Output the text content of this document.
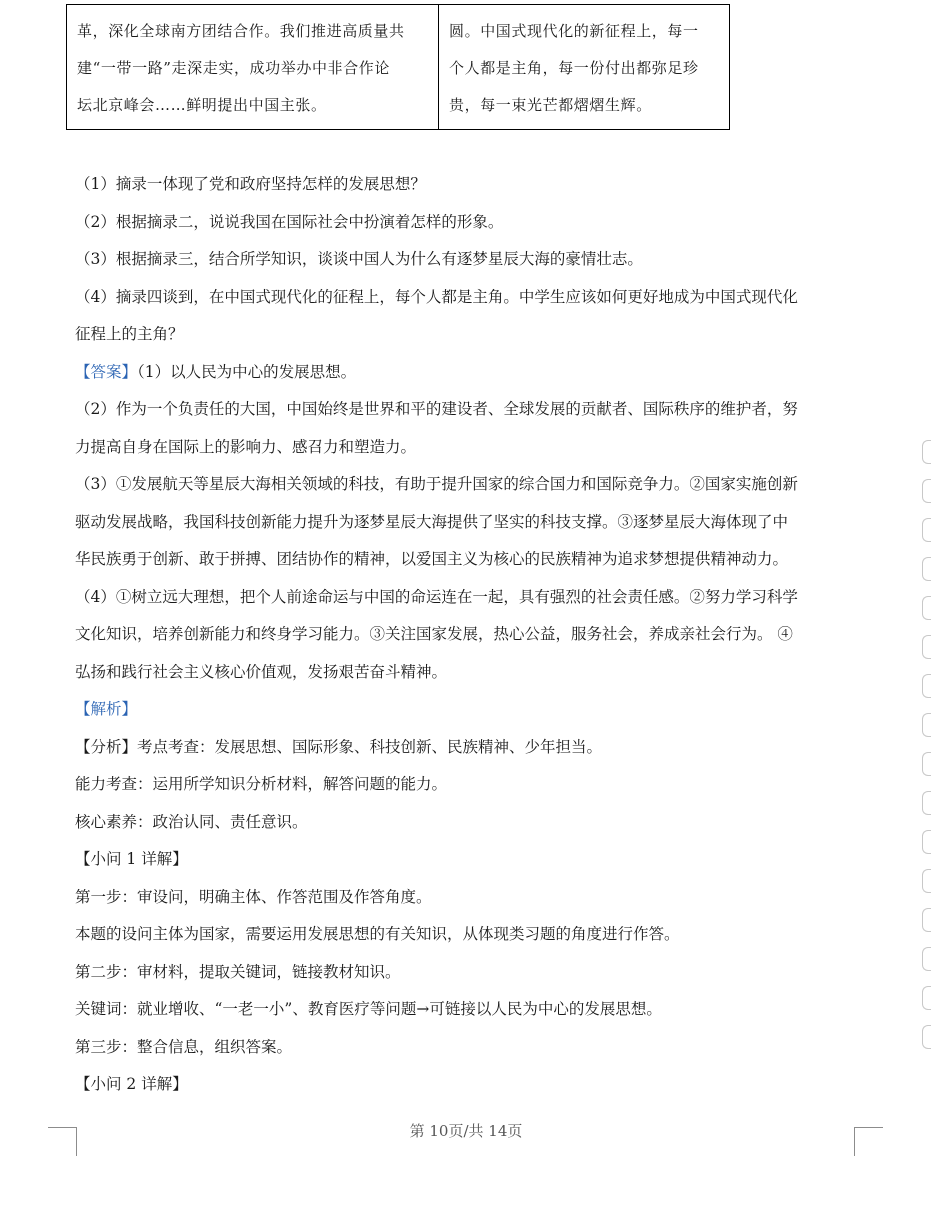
革，深化全球南方团结合作。我们推进高质量共
建“一带一路”走深走实，成功举办中非合作论
坛北京峰会……鲜明提出中国主张。
圆。中国式现代化的新征程上，每一
个人都是主角，每一份付出都弥足珍
贵，每一束光芒都熠熠生辉。

（1）摘录一体现了党和政府坚持怎样的发展思想？

（2）根据摘录二，说说我国在国际社会中扮演着怎样的形象。

（3）根据摘录三，结合所学知识，谈谈中国人为什么有逐梦星辰大海的豪情壮志。

（4）摘录四谈到，在中国式现代化的征程上，每个人都是主角。中学生应该如何更好地成为中国式现代化

征程上的主角？

【答案】（1）以人民为中心的发展思想。

（2）作为一个负责任的大国，中国始终是世界和平的建设者、全球发展的贡献者、国际秩序的维护者，努

力提高自身在国际上的影响力、感召力和塑造力。

（3）①发展航天等星辰大海相关领域的科技，有助于提升国家的综合国力和国际竞争力。②国家实施创新

驱动发展战略，我国科技创新能力提升为逐梦星辰大海提供了坚实的科技支撑。③逐梦星辰大海体现了中

华民族勇于创新、敢于拼搏、团结协作的精神，以爱国主义为核心的民族精神为追求梦想提供精神动力。

（4）①树立远大理想，把个人前途命运与中国的命运连在一起，具有强烈的社会责任感。②努力学习科学

文化知识，培养创新能力和终身学习能力。③关注国家发展，热心公益，服务社会，养成亲社会行为。 ④

弘扬和践行社会主义核心价值观，发扬艰苦奋斗精神。

【解析】

【分析】考点考查：发展思想、国际形象、科技创新、民族精神、少年担当。

能力考查：运用所学知识分析材料，解答问题的能力。

核心素养：政治认同、责任意识。

【小问 1 详解】

第一步：审设问，明确主体、作答范围及作答角度。

本题的设问主体为国家，需要运用发展思想的有关知识，从体现类习题的角度进行作答。

第二步：审材料，提取关键词，链接教材知识。

关键词：就业增收、“一老一小”、教育医疗等问题→可链接以人民为中心的发展思想。

第三步：整合信息，组织答案。

【小问 2 详解】

第 10页/共 14页
